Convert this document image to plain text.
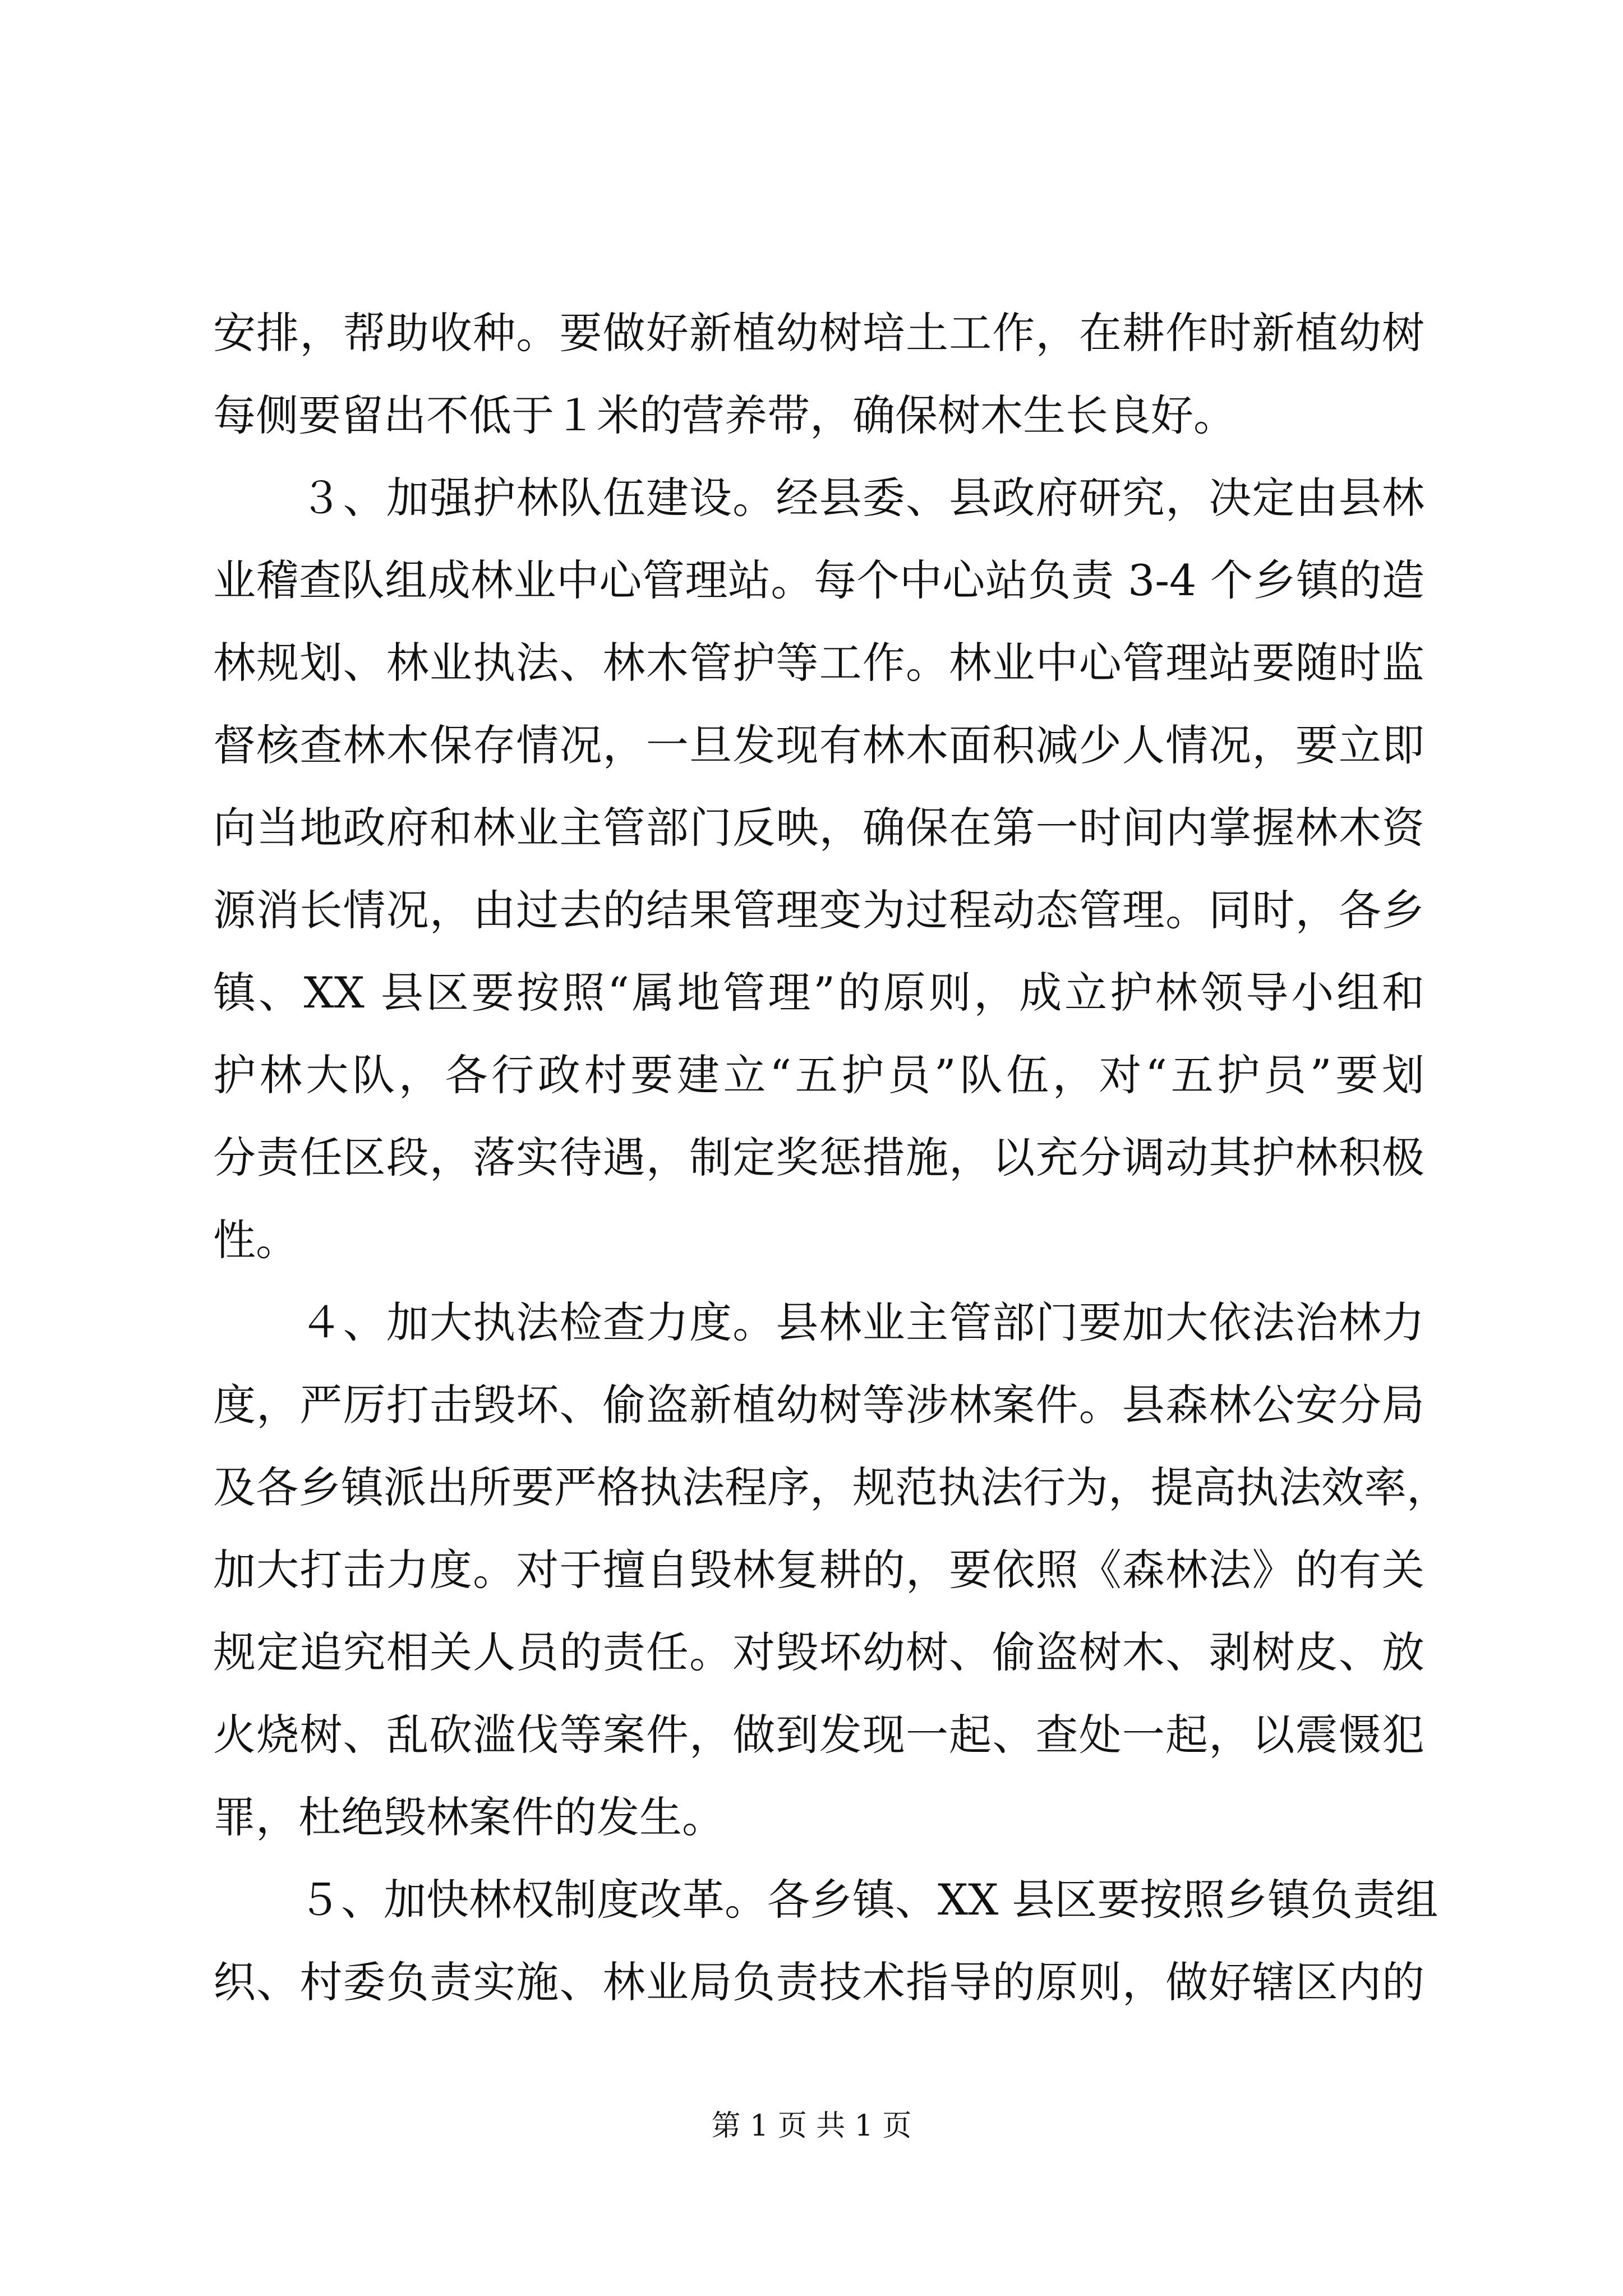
安排，帮助收种。要做好新植幼树培土工作，在耕作时新植幼树
每侧要留出不低于１米的营养带，确保树木生长良好。
　　３、加强护林队伍建设。经县委、县政府研究，决定由县林
业稽查队组成林业中心管理站。每个中心站负责 3-4 个乡镇的造
林规划、林业执法、林木管护等工作。林业中心管理站要随时监
督核查林木保存情况，一旦发现有林木面积减少人情况，要立即
向当地政府和林业主管部门反映，确保在第一时间内掌握林木资
源消长情况，由过去的结果管理变为过程动态管理。同时，各乡
镇、XX 县区要按照“属地管理”的原则，成立护林领导小组和
护林大队，各行政村要建立“五护员”队伍，对“五护员”要划
分责任区段，落实待遇，制定奖惩措施，以充分调动其护林积极
性。
　　４、加大执法检查力度。县林业主管部门要加大依法治林力
度，严厉打击毁坏、偷盗新植幼树等涉林案件。县森林公安分局
及各乡镇派出所要严格执法程序，规范执法行为，提高执法效率，
加大打击力度。对于擅自毁林复耕的，要依照《森林法》的有关
规定追究相关人员的责任。对毁坏幼树、偷盗树木、剥树皮、放
火烧树、乱砍滥伐等案件，做到发现一起、查处一起，以震慑犯
罪，杜绝毁林案件的发生。
　　５、加快林权制度改革。各乡镇、XX 县区要按照乡镇负责组
织、村委负责实施、林业局负责技术指导的原则，做好辖区内的
第 1 页 共 1 页
